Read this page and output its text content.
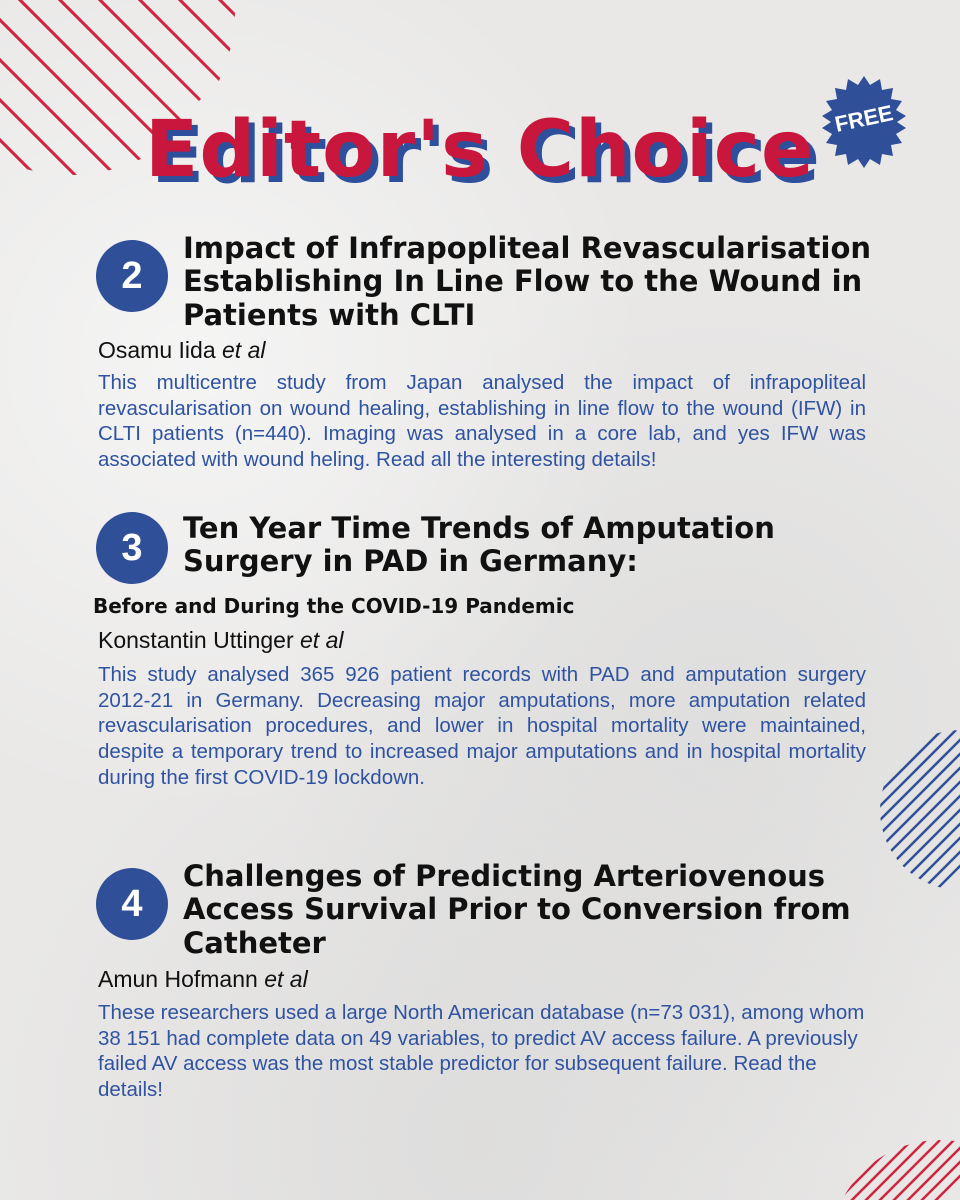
Editor's Choice FREE
2
Impact of Infrapopliteal Revascularisation Establishing In Line Flow to the Wound in Patients with CLTI
Osamu Iida et al

This multicentre study from Japan analysed the impact of infrapopliteal revascularisation on wound healing, establishing in line flow to the wound (IFW) in CLTI patients (n=440). Imaging was analysed in a core lab, and yes IFW was associated with wound heling. Read all the interesting details!

3	Ten Year Time Trends of Amputation Surgery in PAD in Germany:
Before and During the COVID-19 Pandemic
Konstantin Uttinger et al

This study analysed 365 926 patient records with PAD and amputation surgery 2012-21 in Germany. Decreasing major amputations, more amputation related revascularisation procedures, and lower in hospital mortality were maintained, despite a temporary trend to increased major amputations and in hospital mortality during the first COVID-19 lockdown.

4
Challenges of Predicting Arteriovenous Access Survival Prior to Conversion from Catheter
Amun Hofmann et al

These researchers used a large North American database (n=73 031), among whom 38 151 had complete data on 49 variables, to predict AV access failure. A previously failed AV access was the most stable predictor for subsequent failure. Read the details!
